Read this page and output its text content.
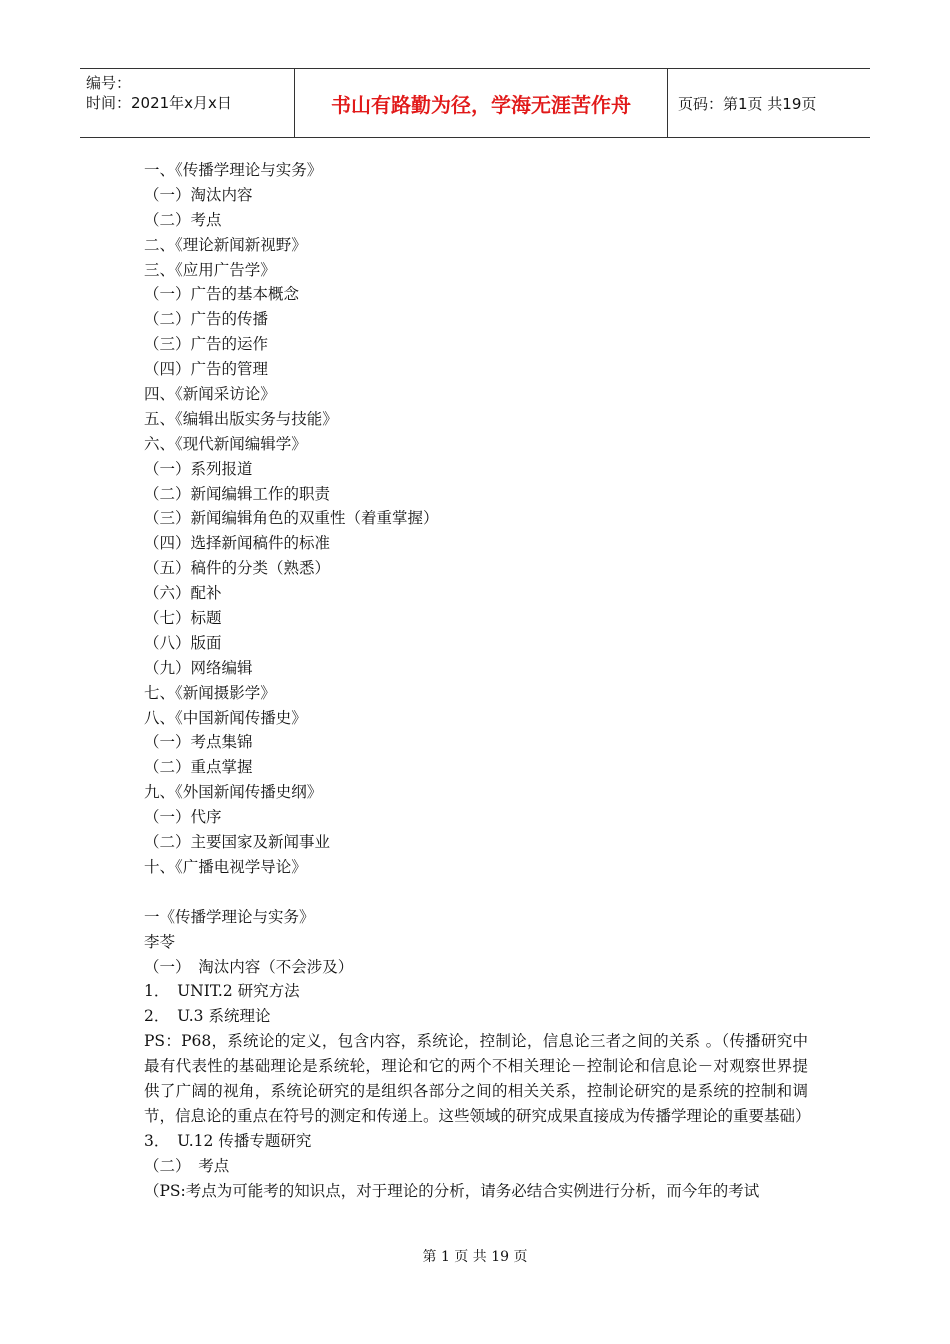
编号：
时间：2021年x月x日	书山有路勤为径，学海无涯苦作舟	页码：第1页 共19页
一、《传播学理论与实务》
（一）淘汰内容
（二）考点
二、《理论新闻新视野》
三、《应用广告学》
（一）广告的基本概念
（二）广告的传播
（三）广告的运作
（四）广告的管理
四、《新闻采访论》
五、《编辑出版实务与技能》
六、《现代新闻编辑学》
（一）系列报道
（二）新闻编辑工作的职责
（三）新闻编辑角色的双重性（着重掌握）
（四）选择新闻稿件的标准
（五）稿件的分类（熟悉）
（六）配补
（七）标题
（八）版面
（九）网络编辑
七、《新闻摄影学》
八、《中国新闻传播史》
（一）考点集锦
（二）重点掌握
九、《外国新闻传播史纲》
（一）代序
（二）主要国家及新闻事业
十、《广播电视学导论》
一《传播学理论与实务》
李苓
（一）　淘汰内容（不会涉及）
1．　UNIT.2 研究方法
2．　U.3 系统理论
PS：P68，系统论的定义，包含内容，系统论，控制论，信息论三者之间的关系 。（传播研究中最有代表性的基础理论是系统轮，理论和它的两个不相关理论－控制论和信息论－对观察世界提供了广阔的视角，系统论研究的是组织各部分之间的相关关系，控制论研究的是系统的控制和调节，信息论的重点在符号的测定和传递上。这些领域的研究成果直接成为传播学理论的重要基础）
3．　U.12 传播专题研究
（二）　考点
（PS:考点为可能考的知识点，对于理论的分析，请务必结合实例进行分析，而今年的考试
第 1 页 共 19 页
